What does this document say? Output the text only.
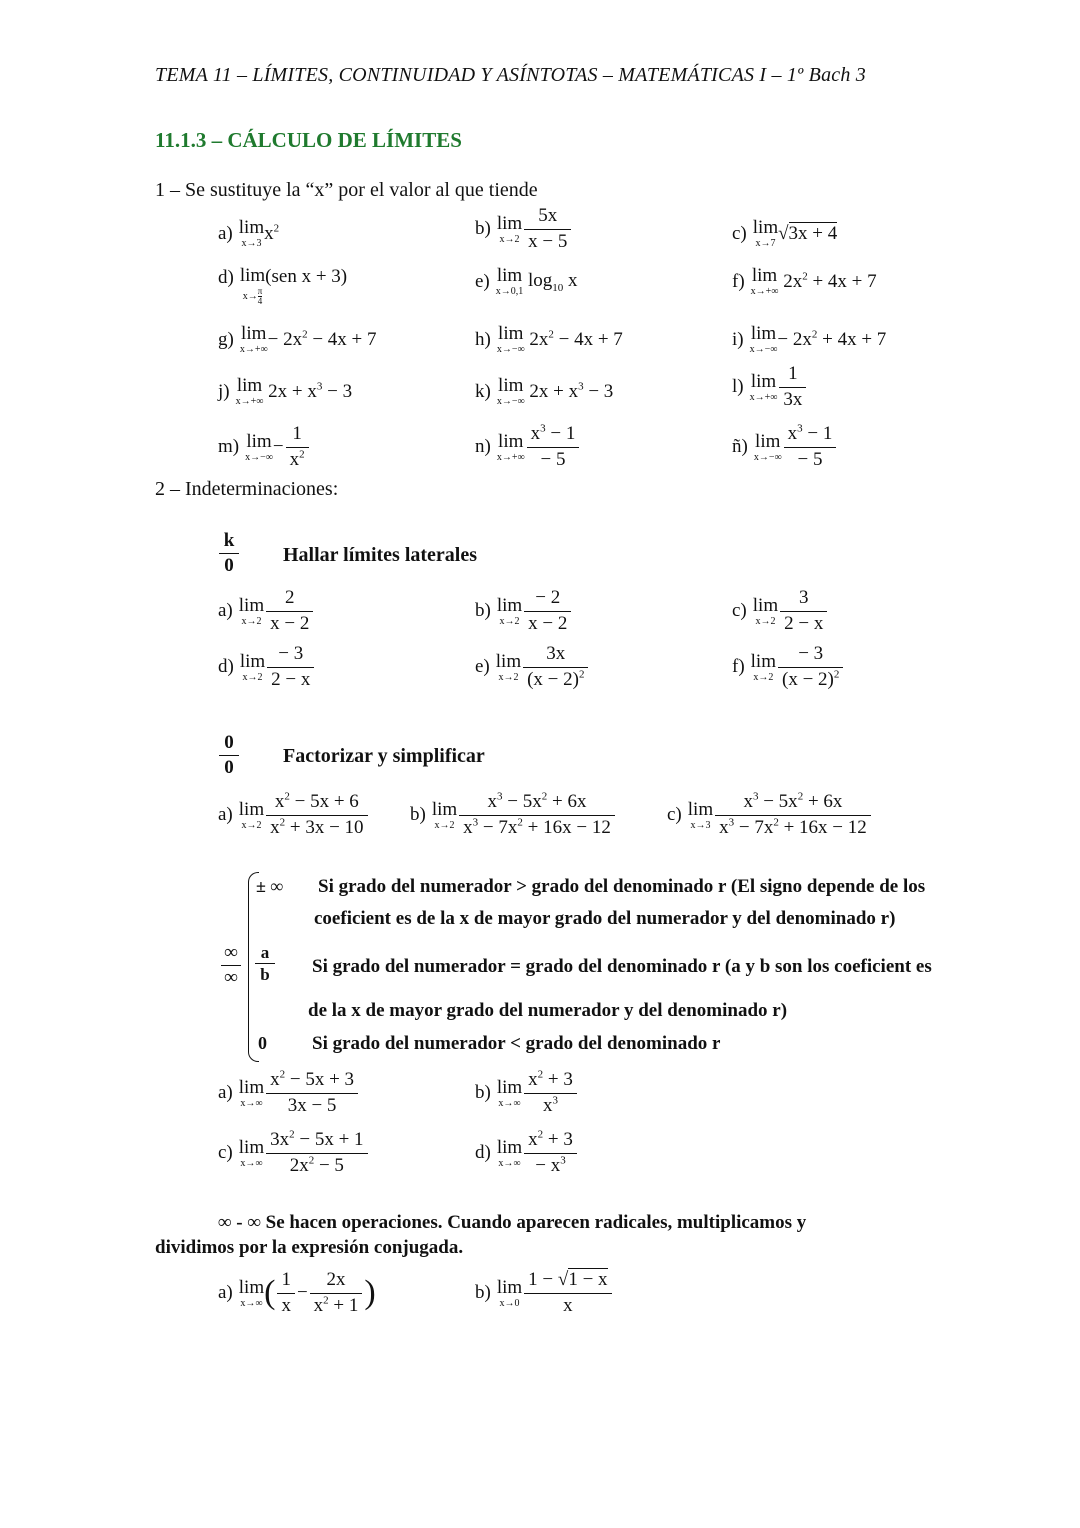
TEMA 11 – LÍMITES, CONTINUIDAD Y ASÍNTOTAS – MATEMÁTICAS I – 1º Bach 3
11.1.3 – CÁLCULO DE LÍMITES
1 – Se sustituye la “x” por el valor al que tiende
a) lim
x→3 $x^2$	b) lim
$x\to 2 \frac{5x}{x - 5}$	c) lim
x→7 √3x + 4
d) lim
$x\to \frac{\pi}{4}$
(sen x + 3)	e) lim
x→0,1
$\log_{10} x$	f) lim
x→+∞ $2x^2 + 4x + 7$
g) lim
$x\to+\infty - 2x^2 - 4x + 7$	h) lim
x→−∞ $2x^2 - 4x + 7$	i) lim
$x\to-\infty - 2x^2 + 4x + 7$
j) lim
x→+∞ $2x + x^3 - 3$	k) lim
x→−∞ $2x + x^3 - 3$	l) lim
$x\to+\infty \frac{1}{3x}$
m) lim
$x\to-\infty - \frac{1}{x^2}$	n) lim
$x\to+\infty \frac{x^3 - 1}{- 5}$	ñ) lim
$x\to-\infty \frac{x^3 - 1}{- 5}$
2 – Indeterminaciones:
k
0 Hallar límites laterales
a) lim
$x\to 2 \frac{2}{x - 2}$	b) lim
$x\to 2 \frac{- 2}{x - 2}$	c) lim
$x\to 2 \frac{3}{2 - x}$
d) lim
$x\to 2 \frac{- 3}{2 - x}$	e) lim
$x\to 2 \frac{3x}{(x - 2)^2}$	f) lim
$x\to 2 \frac{- 3}{(x - 2)^2}$
0
0
Factorizar y simplificar
a) lim
$x\to 2 \frac{x^2 - 5x + 6}{x^2 + 3x - 10} b$) lim
$x\to 2 \frac{x^3 - 5x^2 + 6x}{x^3 - 7x^2 + 16x - 12}$	c) lim
$x\to 3 \frac{x^3 - 5x^2 + 6x}{x^3 - 7x^2 + 16x - 12}$
∞
∞
± ∞ Si grado del numerador > grado del denominado r (El signo depende de los
coeficient es de la x de mayor grado del numerador y del denominado r)
a
b Si grado del numerador = grado del denominado r (a y b son los coeficient es
de la x de mayor grado del numerador y del denominado r)
0 Si grado del numerador < grado del denominado r
a) lim
$x\to\infty \frac{x^2 - 5x + 3}{3x - 5}$	b) lim
$x\to\infty \frac{x^2 + 3}{x^3}$
c) lim
$x\to\infty \frac{3x^2 - 5x + 1}{2x^2 - 5}$	d) lim
$x\to\infty \frac{x^2 + 3}{- x^3}$
∞ - ∞ Se hacen operaciones. Cuando aparecen radicales, multiplicamos y
dividimos por la expresión conjugada.
a) lim
x→∞ ( $\frac{1}{x} - \frac{2x}{x^2 + 1}$ )	b) lim
$x\to 0 \frac{1 - √1 - x}{x}$
